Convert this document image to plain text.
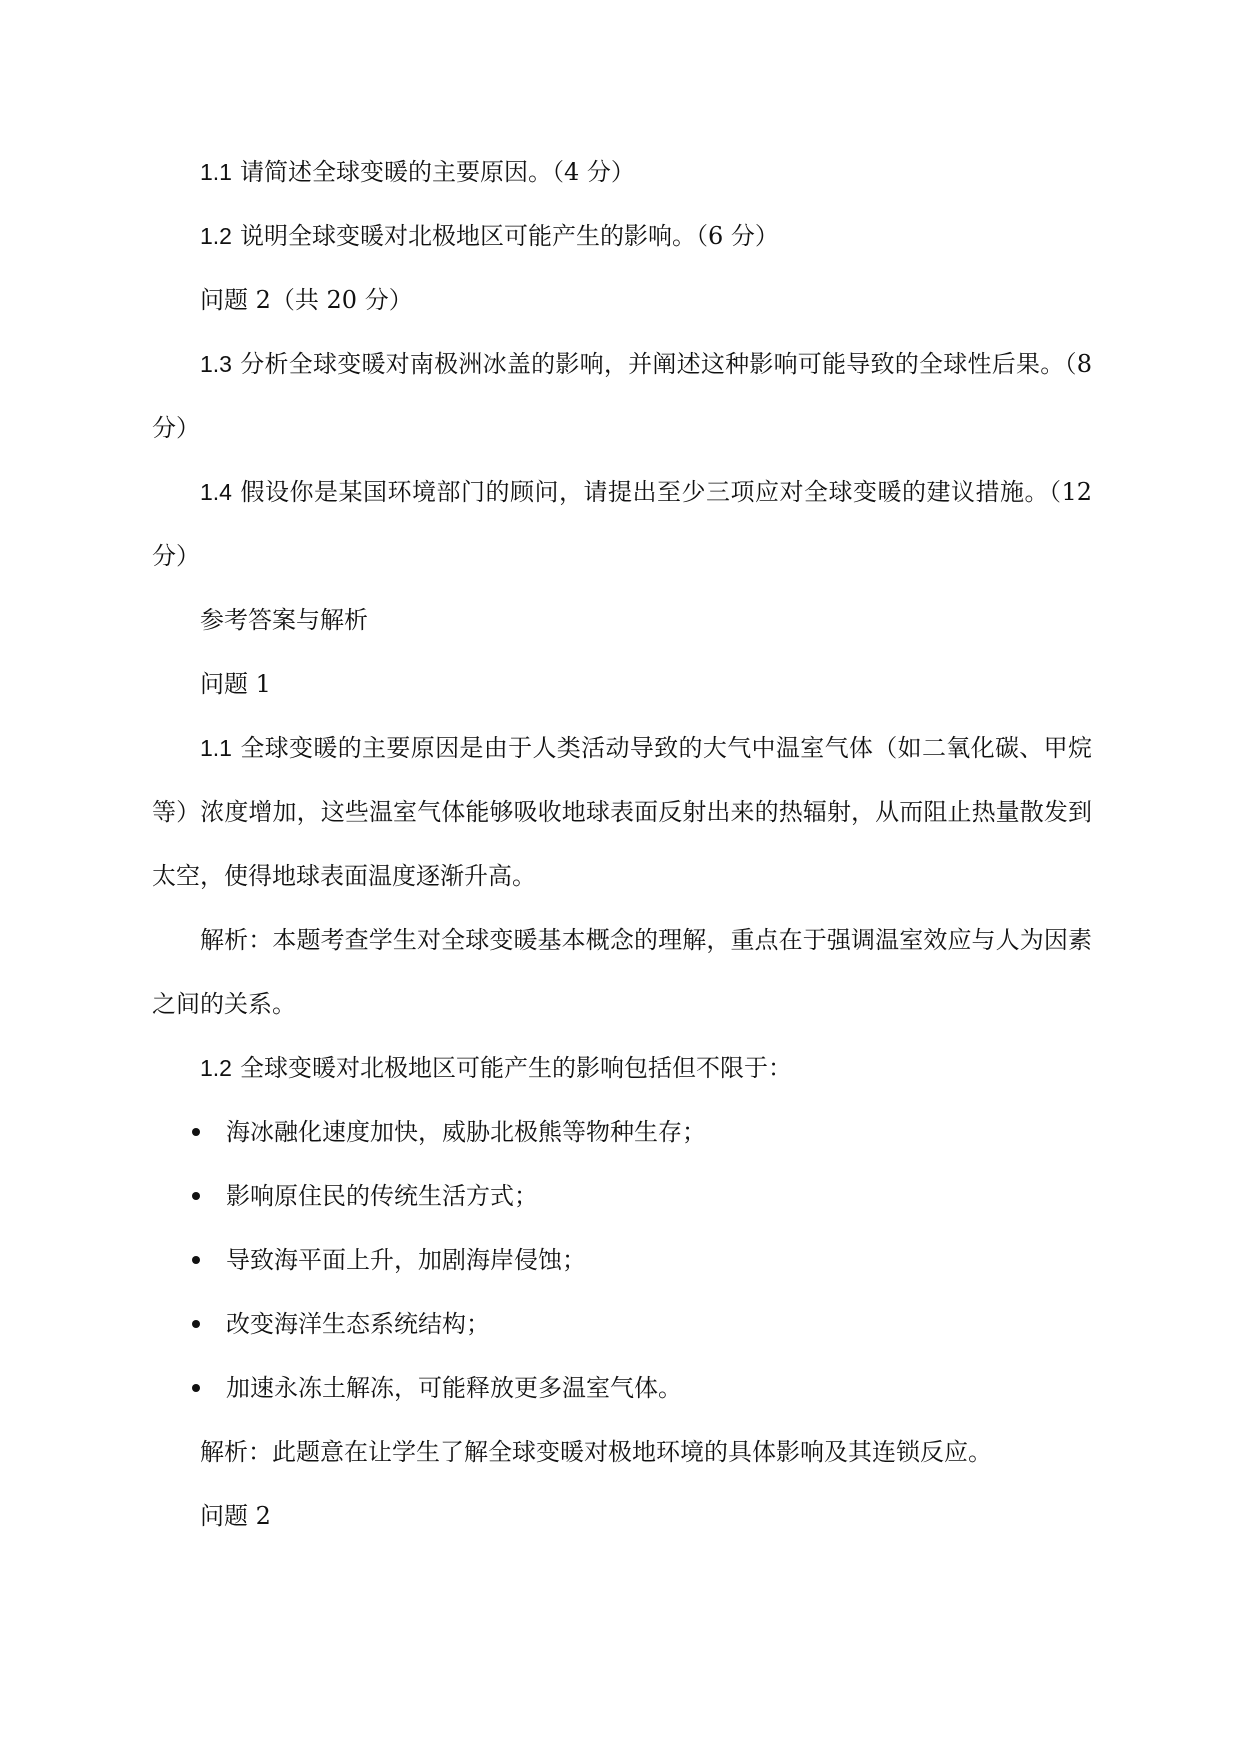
1.1 请简述全球变暖的主要原因。（4 分）

1.2 说明全球变暖对北极地区可能产生的影响。（6 分）

问题 2（共 20 分）

1.3 分析全球变暖对南极洲冰盖的影响，并阐述这种影响可能导致的全球性后果。（8 分）

1.4 假设你是某国环境部门的顾问，请提出至少三项应对全球变暖的建议措施。（12 分）

参考答案与解析

问题 1

1.1 全球变暖的主要原因是由于人类活动导致的大气中温室气体（如二氧化碳、甲烷等）浓度增加，这些温室气体能够吸收地球表面反射出来的热辐射，从而阻止热量散发到太空，使得地球表面温度逐渐升高。

解析：本题考查学生对全球变暖基本概念的理解，重点在于强调温室效应与人为因素之间的关系。

1.2 全球变暖对北极地区可能产生的影响包括但不限于：

海冰融化速度加快，威胁北极熊等物种生存；
影响原住民的传统生活方式；
导致海平面上升，加剧海岸侵蚀；
改变海洋生态系统结构；
加速永冻土解冻，可能释放更多温室气体。

解析：此题意在让学生了解全球变暖对极地环境的具体影响及其连锁反应。

问题 2
